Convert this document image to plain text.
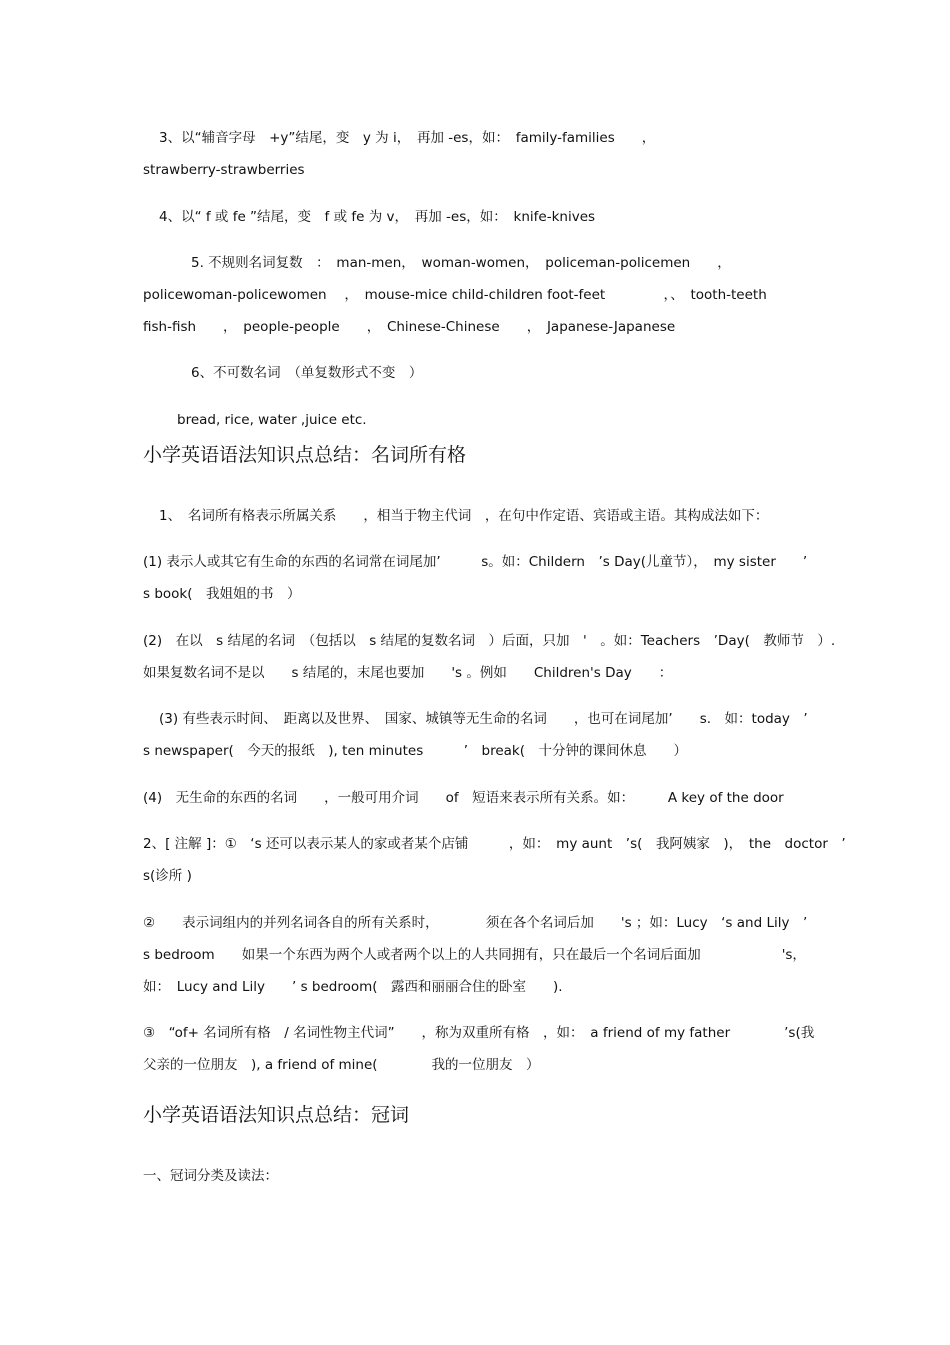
3、以“辅音字母　+y”结尾，变　y 为 i，　再加 -es，如：　family-families　　，
strawberry-strawberries
4、以“ f 或 fe ”结尾，变　f 或 fe 为 v，　再加 -es，如：　knife-knives
5. 不规则名词复数　：　man-men，　woman-women，　policeman-policemen　　，
policewoman-policewomen　 ，　mouse-mice child-children foot-feet　　　　 ，、　tooth-teeth
fish-fish　　，　people-people　　，　Chinese-Chinese　　，　Japanese-Japanese
6、不可数名词　（单复数形式不变　）
bread, rice, water ,juice etc.
小学英语语法知识点总结：名词所有格
1、　名词所有格表示所属关系　　，相当于物主代词　，在句中作定语、宾语或主语。其构成法如下：
(1) 表示人或其它有生命的东西的名词常在词尾加’　　　s。如：Childern　’s Day(儿童节），　my sister　　’
s book(　我姐姐的书　）
(2)　在以　s 结尾的名词　（包括以　s 结尾的复数名词　）后面，只加　'　。如：Teachers　’Day(　教师节　）.
如果复数名词不是以　　s 结尾的，末尾也要加　　's 。例如　　Children's Day　　：
(3) 有些表示时间、　距离以及世界、　国家、城镇等无生命的名词　　，也可在词尾加’　　s.　如：today　’
s newspaper(　今天的报纸　), ten minutes　　　’　break(　十分钟的课间休息　　）
(4)　无生命的东西的名词　　，一般可用介词　　of　短语来表示所有关系。如：　　　A key of the door
2、[ 注解 ]：①　‘s 还可以表示某人的家或者某个店铺　　　，如：　my aunt　’s(　我阿姨家　)，　the　doctor　’
s(诊所 )
②　　表示词组内的并列名词各自的所有关系时，　　　　须在各个名词后加　　's ；如：Lucy　‘s and Lily　’
s bedroom　　如果一个东西为两个人或者两个以上的人共同拥有，只在最后一个名词后面加　　　　　　's，
如：　Lucy and Lily　　’ s bedroom(　露西和丽丽合住的卧室　　).
③　“of+ 名词所有格　/ 名词性物主代词”　　，称为双重所有格　，如：　a friend of my father　　　　’s(我
父亲的一位朋友　), a friend of mine(　　　　我的一位朋友　）
小学英语语法知识点总结：冠词
一、冠词分类及读法：
